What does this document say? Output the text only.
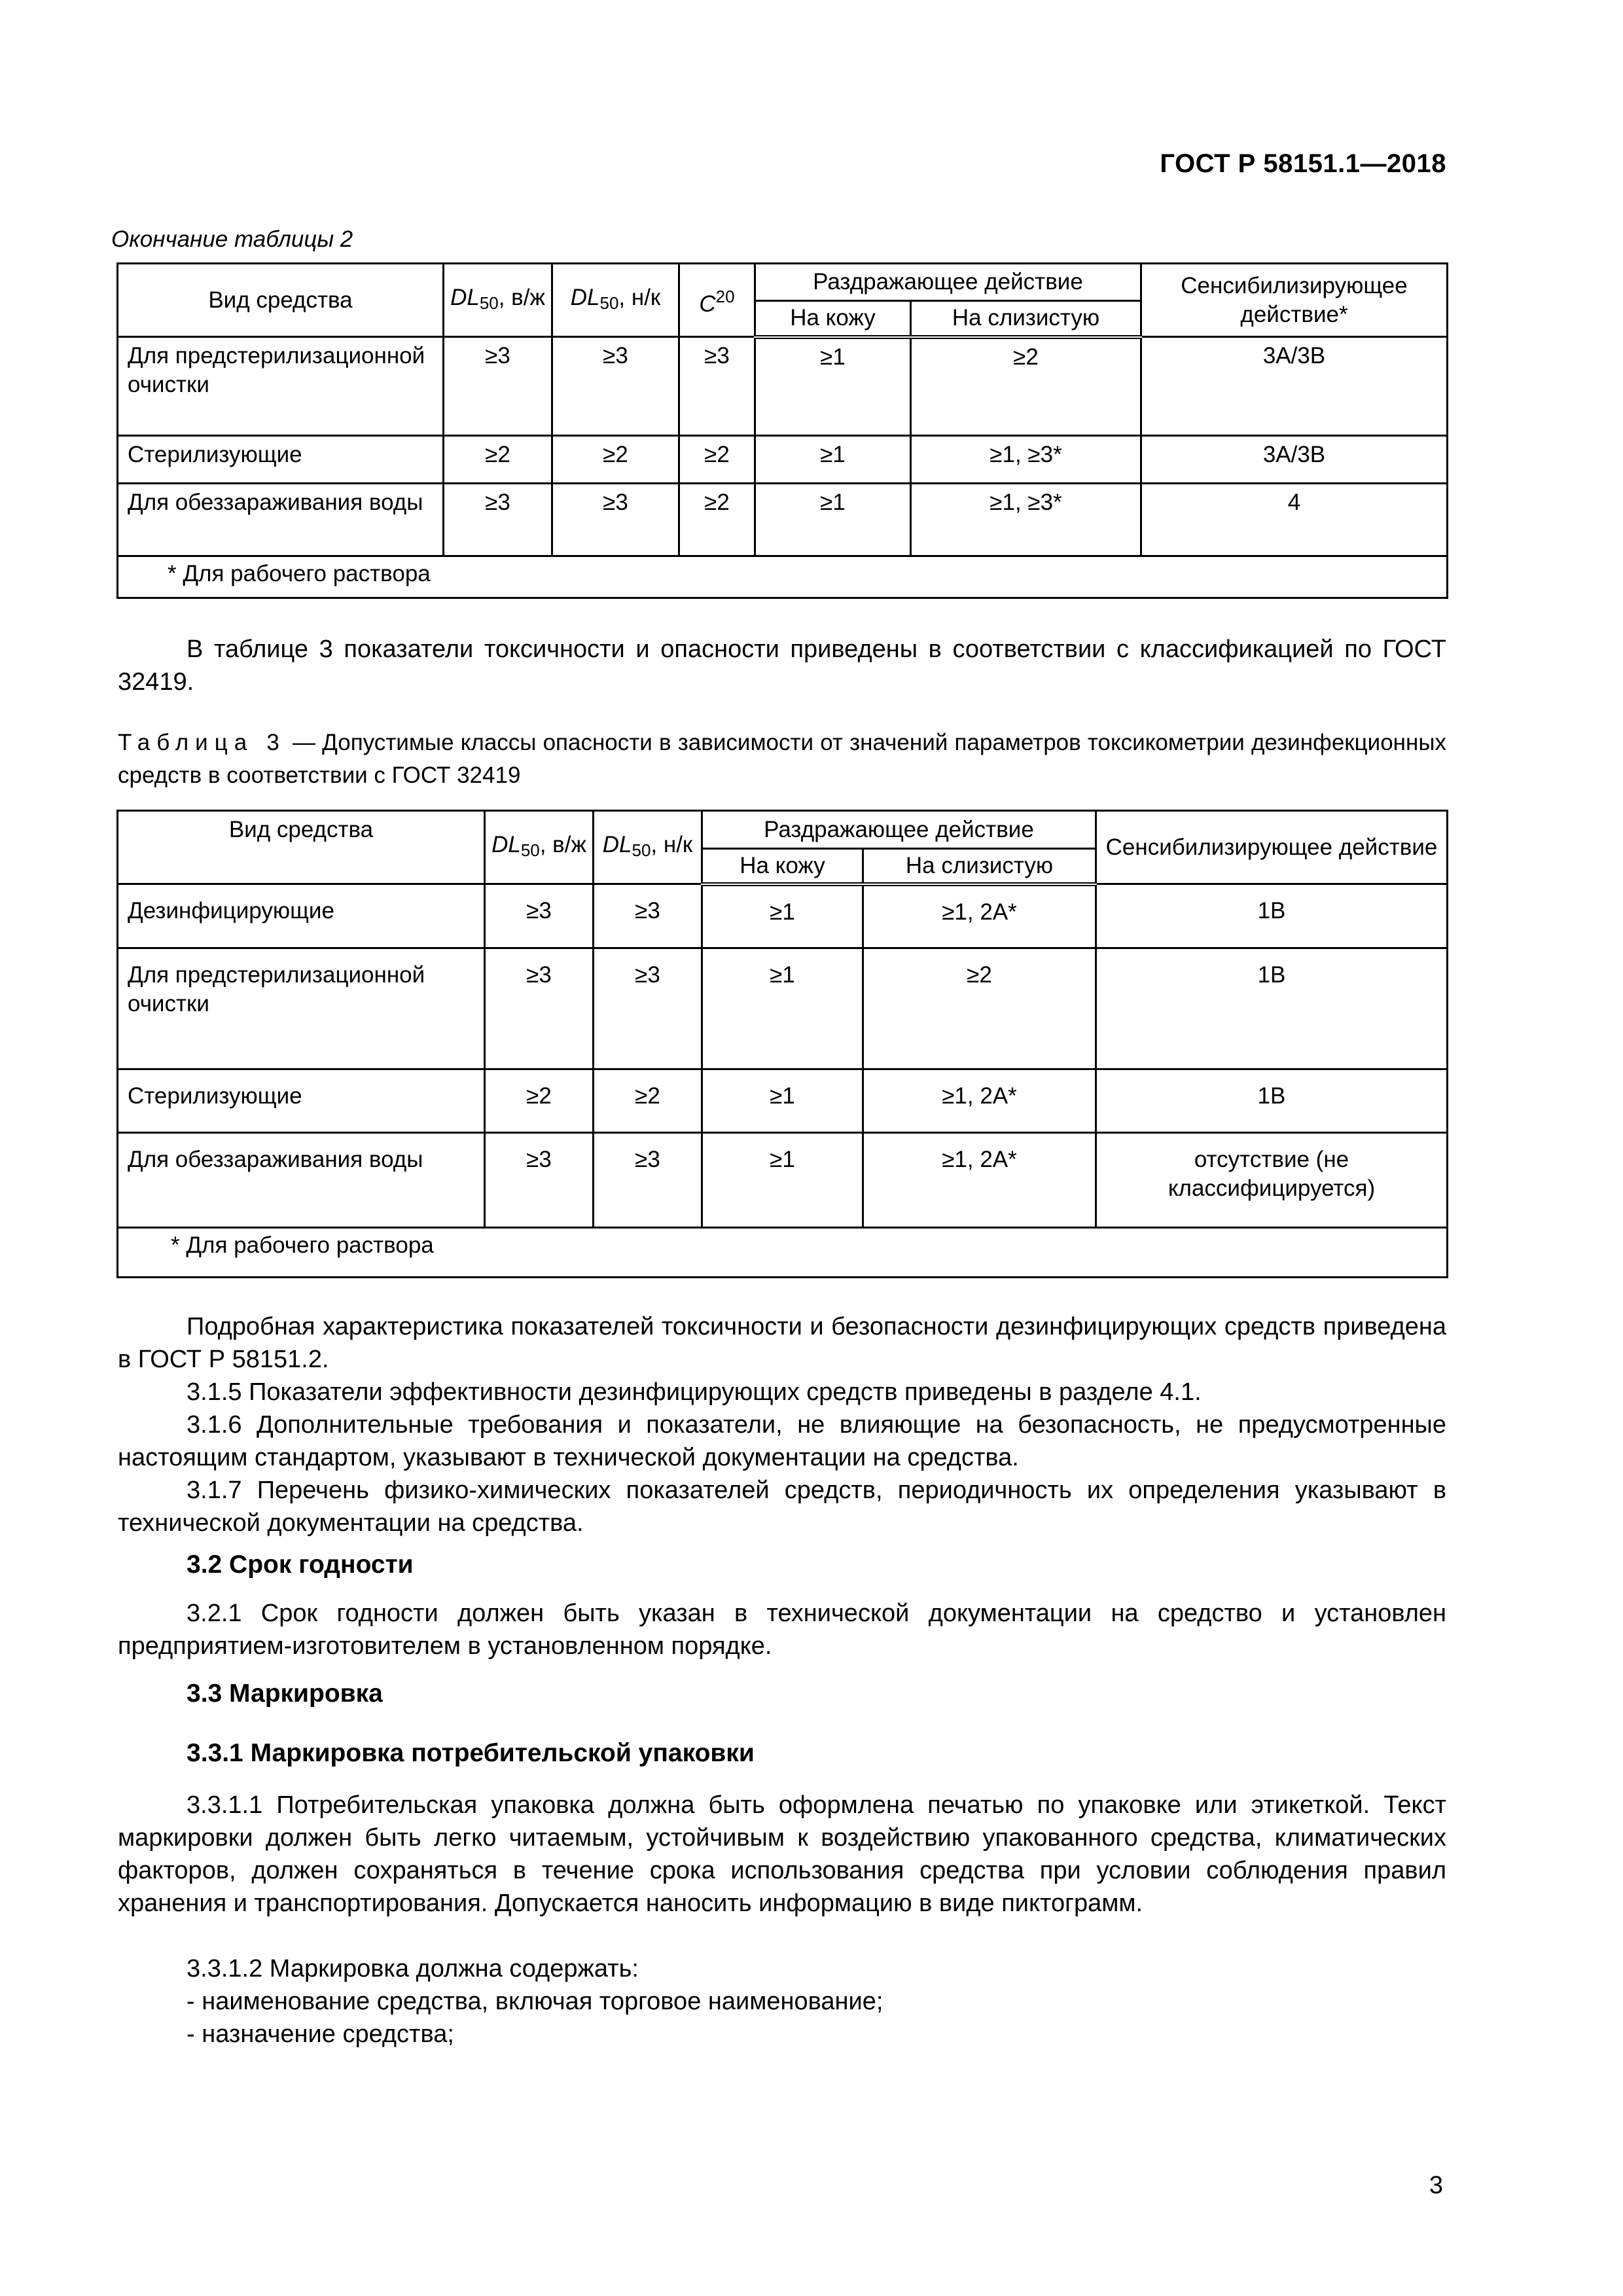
ГОСТ Р 58151.1—2018
Окончание таблицы 2
Вид средства	$DL_{50}$, в/ж	$DL_{50}$, н/к	$C^{20}$	Раздражающее действие		Сенсибилизирующее действие*
				На кожу	На слизистую	
Для предстерилизационной очистки	≥3	≥3	≥3	≥1	≥2	3А/3В
Стерилизующие	≥2	≥2	≥2	≥1	≥1, ≥3*	3А/3В
Для обеззараживания воды	≥3	≥3	≥2	≥1	≥1, ≥3*	4
* Для рабочего раствора						
В таблице 3 показатели токсичности и опасности приведены в соответствии с классификацией по ГОСТ 32419.
Таблица 3 — Допустимые классы опасности в зависимости от значений параметров токсикометрии дезинфекционных средств в соответствии с ГОСТ 32419
Вид средства	$DL_{50}$, в/ж	$DL_{50}$, н/к	Раздражающее действие		Сенсибилизирующее действие
			На кожу	На слизистую	
Дезинфицирующие	≥3	≥3	≥1	≥1, 2А*	1В
Для предстерилизационной очистки	≥3	≥3	≥1	≥2	1В
Стерилизующие	≥2	≥2	≥1	≥1, 2А*	1В
Для обеззараживания воды	≥3	≥3	≥1	≥1, 2А*	отсутствие (не классифицируется)
* Для рабочего раствора					
Подробная характеристика показателей токсичности и безопасности дезинфицирующих средств приведена в ГОСТ Р 58151.2.
3.1.5 Показатели эффективности дезинфицирующих средств приведены в разделе 4.1.
3.1.6 Дополнительные требования и показатели, не влияющие на безопасность, не предусмотренные настоящим стандартом, указывают в технической документации на средства.
3.1.7 Перечень физико-химических показателей средств, периодичность их определения указывают в технической документации на средства.
3.2 Срок годности
3.2.1 Срок годности должен быть указан в технической документации на средство и установлен предприятием-изготовителем в установленном порядке.
3.3 Маркировка
3.3.1 Маркировка потребительской упаковки
3.3.1.1 Потребительская упаковка должна быть оформлена печатью по упаковке или этикеткой. Текст маркировки должен быть легко читаемым, устойчивым к воздействию упакованного средства, климатических факторов, должен сохраняться в течение срока использования средства при условии соблюдения правил хранения и транспортирования. Допускается наносить информацию в виде пиктограмм.
3.3.1.2 Маркировка должна содержать:
- наименование средства, включая торговое наименование;
- назначение средства;
3
